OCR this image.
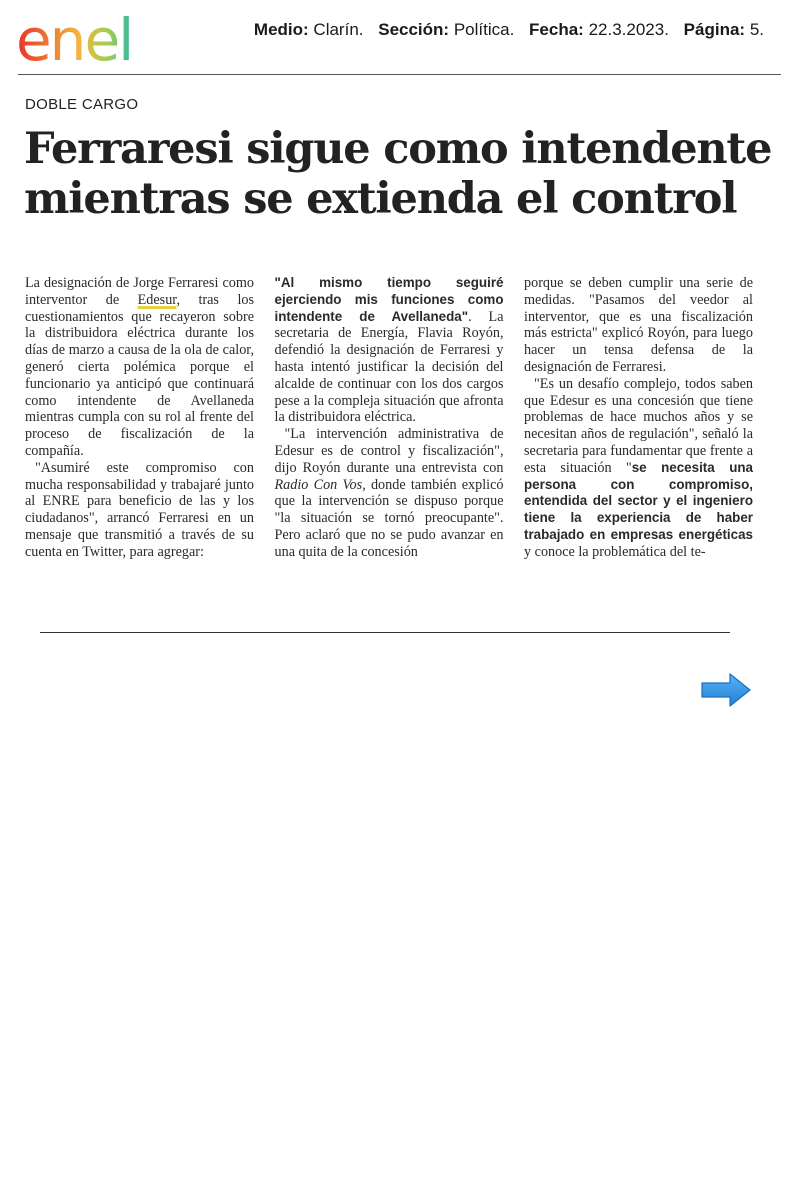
enel	Medio: Clarín. Sección: Política. Fecha: 22.3.2023. Página: 5.
DOBLE CARGO
Ferraresi sigue como intendente
mientras se extienda el control

La designación de Jorge Ferraresi como interventor de Edesur, tras los cuestionamientos que recayeron sobre la distribuidora eléctrica durante los días de marzo a causa de la ola de calor, generó cierta polémica porque el funcionario ya anticipó que continuará como intendente de Avellaneda mientras cumpla con su rol al frente del proceso de fiscalización de la compañía.

"Asumiré este compromiso con mucha responsabilidad y trabajaré junto al ENRE para beneficio de las y los ciudadanos", arrancó Ferraresi en un mensaje que transmitió a través de su cuenta en Twitter, para agregar:

"Al mismo tiempo seguiré ejerciendo mis funciones como intendente de Avellaneda". La secretaria de Energía, Flavia Royón, defendió la designación de Ferraresi y hasta intentó justificar la decisión del alcalde de continuar con los dos cargos pese a la compleja situación que afronta la distribuidora eléctrica.

"La intervención administrativa de Edesur es de control y fiscalización", dijo Royón durante una entrevista con Radio Con Vos, donde también explicó que la intervención se dispuso porque "la situación se tornó preocupante". Pero aclaró que no se pudo avanzar en una quita de la concesión

porque se deben cumplir una serie de medidas. "Pasamos del veedor al interventor, que es una fiscalización más estricta" explicó Royón, para luego hacer un tensa defensa de la designación de Ferraresi.

"Es un desafío complejo, todos saben que Edesur es una concesión que tiene problemas de hace muchos años y se necesitan años de regulación", señaló la secretaria para fundamentar que frente a esta situación "se necesita una persona con compromiso, entendida del sector y el ingeniero tiene la experiencia de haber trabajado en empresas energéticas y conoce la problemática del te-
